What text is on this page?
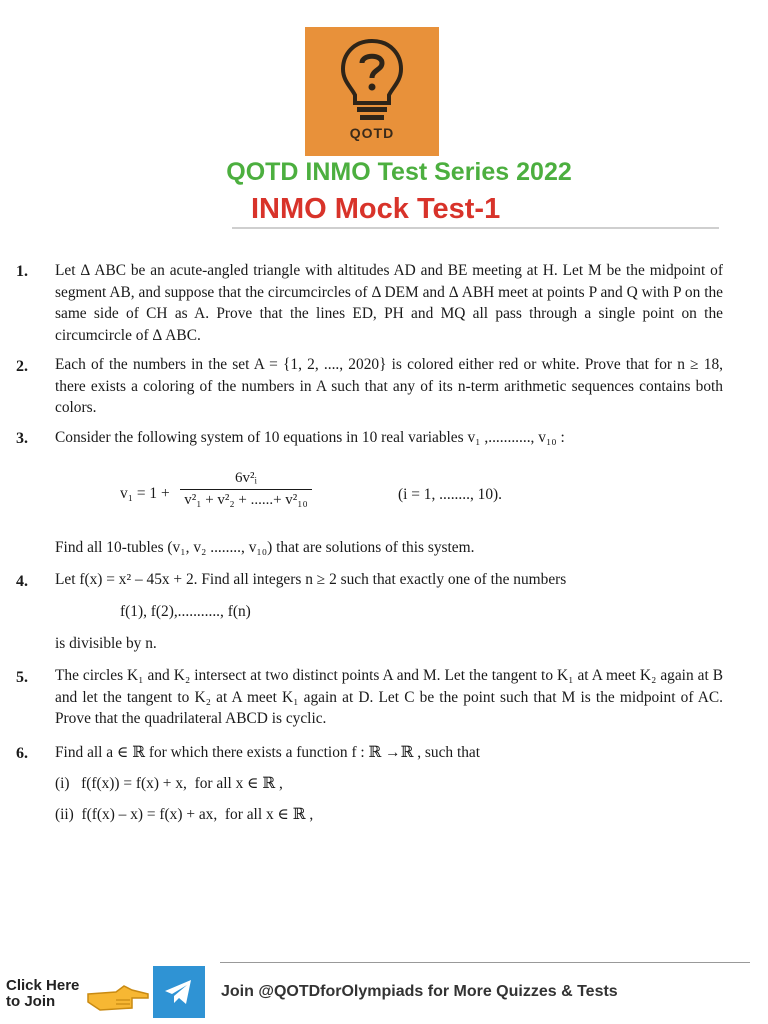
QOTD
QOTD INMO Test Series 2022
INMO Mock Test-1
1. Let Δ ABC be an acute-angled triangle with altitudes AD and BE meeting at H. Let M be the midpoint of segment AB, and suppose that the circumcircles of Δ DEM and Δ ABH meet at points P and Q with P on the same side of CH as A. Prove that the lines ED, PH and MQ all pass through a single point on the circumcircle of Δ ABC.
2. Each of the numbers in the set A = {1, 2, ...., 2020} is colored either red or white. Prove that for n ≥ 18, there exists a coloring of the numbers in A such that any of its n-term arithmetic sequences contains both colors.
3. Consider the following system of 10 equations in 10 real variables v₁ ,..........., v₁₀ :
v₁ = 1 +
6v²ᵢ
v²₁ + v²₂ + ......+ v²₁₀	(i = 1, ........, 10).
Find all 10-tubles (v₁, v₂ ........, v₁₀) that are solutions of this system.
4. Let f(x) = x² – 45x + 2. Find all integers n ≥ 2 such that exactly one of the numbers
f(1), f(2),..........., f(n)
is divisible by n.
5. The circles K₁ and K₂ intersect at two distinct points A and M. Let the tangent to K₁ at A meet K₂ again at B and let the tangent to K₂ at A meet K₁ again at D. Let C be the point such that M is the midpoint of AC. Prove that the quadrilateral ABCD is cyclic.
6. Find all a ∈ ℝ for which there exists a function f : ℝ →ℝ , such that
(i)   f(f(x)) = f(x) + x,  for all x ∈ ℝ ,
(ii)  f(f(x) – x) = f(x) + ax,  for all x ∈ ℝ ,
Click Here
to Join
Join @QOTDforOlympiads for More Quizzes & Tests
